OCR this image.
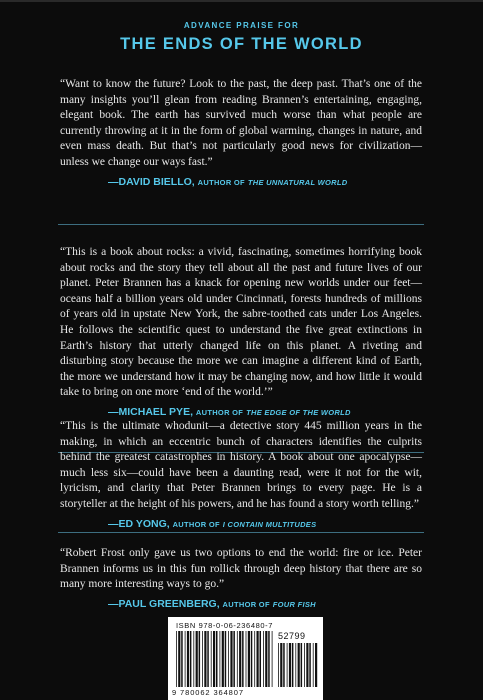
ADVANCE PRAISE FOR
THE ENDS OF THE WORLD

“Want to know the future? Look to the past, the deep past. That’s one of the many insights you’ll glean from reading Brannen’s entertaining, engaging, elegant book. The earth has survived much worse than what people are currently throwing at it in the form of global warming, changes in nature, and even mass death. But that’s not particularly good news for civilization—unless we change our ways fast.”

—DAVID BIELLO, AUTHOR OF THE UNNATURAL WORLD

“This is a book about rocks: a vivid, fascinating, sometimes horrifying book about rocks and the story they tell about all the past and future lives of our planet. Peter Brannen has a knack for opening new worlds under our feet—oceans half a billion years old under Cincinnati, forests hundreds of millions of years old in upstate New York, the sabre-toothed cats under Los Angeles. He follows the scientific quest to understand the five great extinctions in Earth’s history that utterly changed life on this planet. A riveting and disturbing story because the more we can imagine a different kind of Earth, the more we understand how it may be changing now, and how little it would take to bring on one more ‘end of the world.’”

—MICHAEL PYE, AUTHOR OF THE EDGE OF THE WORLD

“This is the ultimate whodunit—a detective story 445 million years in the making, in which an eccentric bunch of characters identifies the culprits behind the greatest catastrophes in history. A book about one apocalypse—much less six—could have been a daunting read, were it not for the wit, lyricism, and clarity that Peter Brannen brings to every page. He is a storyteller at the height of his powers, and he has found a story worth telling.”

—ED YONG, AUTHOR OF I CONTAIN MULTITUDES

“Robert Frost only gave us two options to end the world: fire or ice. Peter Brannen informs us in this fun rollick through deep history that there are so many more interesting ways to go.”

—PAUL GREENBERG, AUTHOR OF FOUR FISH
ISBN 978-0-06-236480-7
52799
9 780062 364807
